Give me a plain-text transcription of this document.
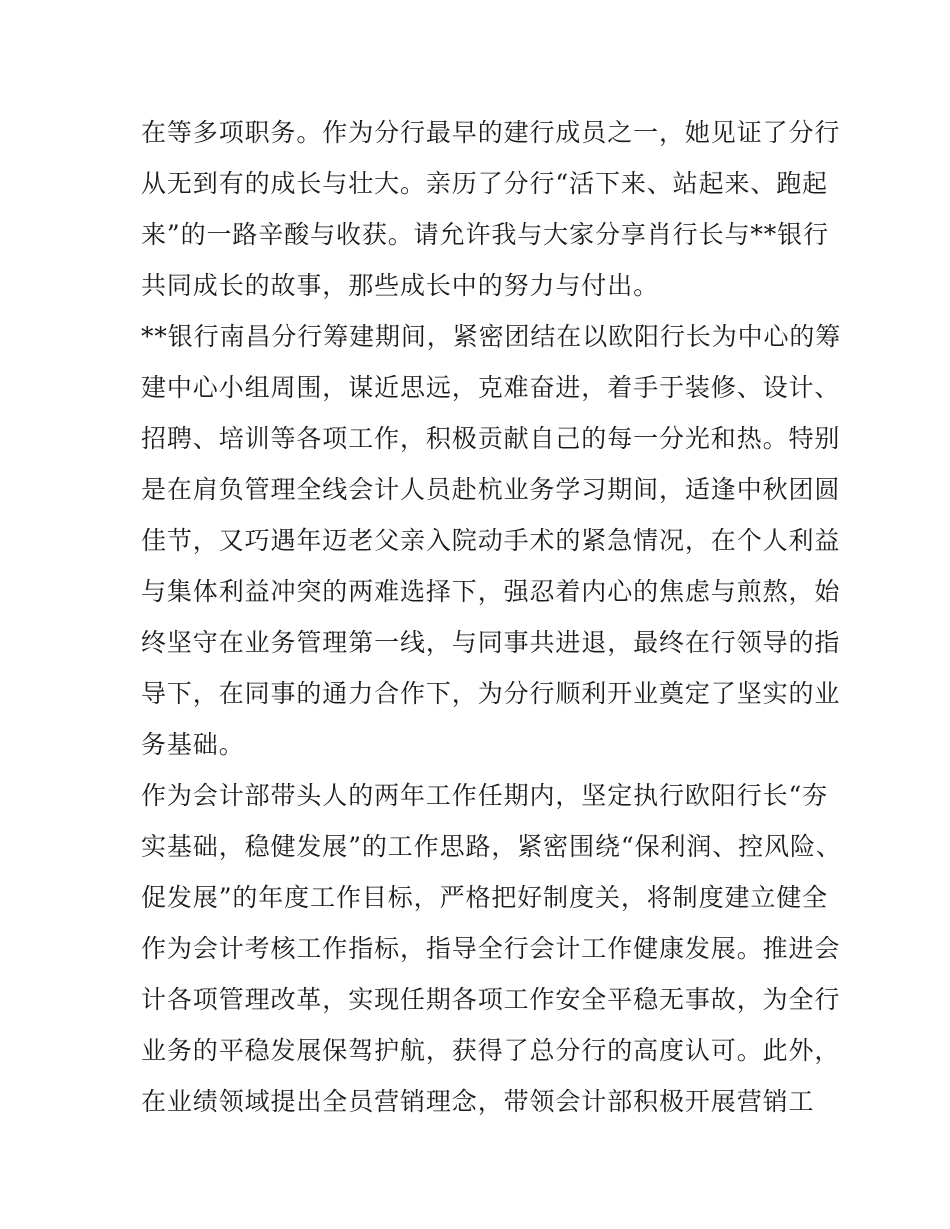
在等多项职务。作为分行最早的建行成员之一，她见证了分行
从无到有的成长与壮大。亲历了分行“活下来、站起来、跑起
来”的一路辛酸与收获。请允许我与大家分享肖行长与**银行
共同成长的故事，那些成长中的努力与付出。
**银行南昌分行筹建期间，紧密团结在以欧阳行长为中心的筹
建中心小组周围，谋近思远，克难奋进，着手于装修、设计、
招聘、培训等各项工作，积极贡献自己的每一分光和热。特别
是在肩负管理全线会计人员赴杭业务学习期间，适逢中秋团圆
佳节，又巧遇年迈老父亲入院动手术的紧急情况，在个人利益
与集体利益冲突的两难选择下，强忍着内心的焦虑与煎熬，始
终坚守在业务管理第一线，与同事共进退，最终在行领导的指
导下，在同事的通力合作下，为分行顺利开业奠定了坚实的业
务基础。
作为会计部带头人的两年工作任期内，坚定执行欧阳行长“夯
实基础，稳健发展”的工作思路，紧密围绕“保利润、控风险、
促发展”的年度工作目标，严格把好制度关，将制度建立健全
作为会计考核工作指标，指导全行会计工作健康发展。推进会
计各项管理改革，实现任期各项工作安全平稳无事故，为全行
业务的平稳发展保驾护航，获得了总分行的高度认可。此外，
在业绩领域提出全员营销理念，带领会计部积极开展营销工
